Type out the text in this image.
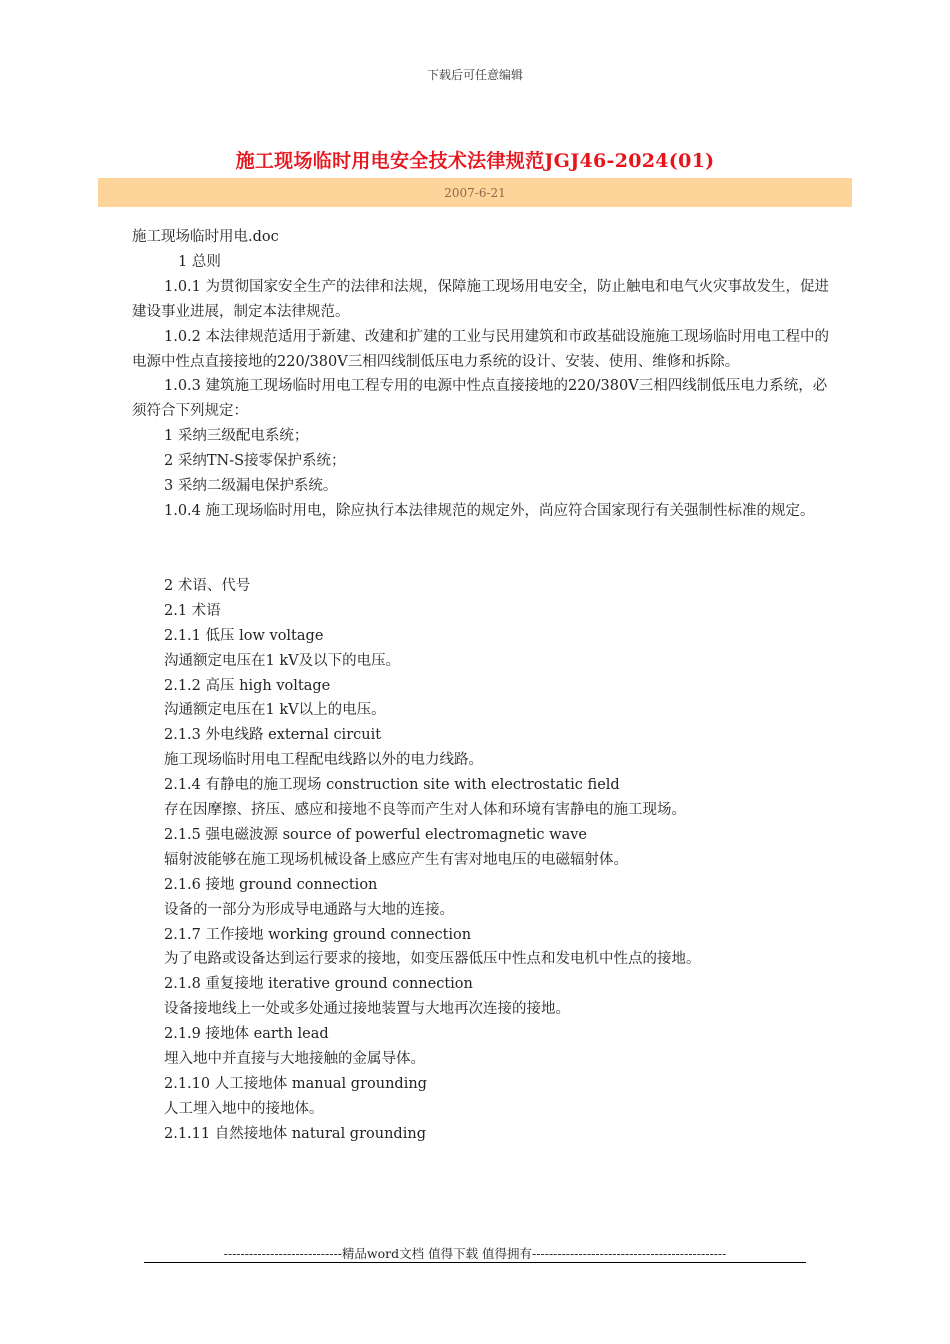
下载后可任意编辑
施工现场临时用电安全技术法律规范JGJ46-2024(01)
2007-6-21

施工现场临时用电.doc

1 总则

1.0.1 为贯彻国家安全生产的法律和法规，保障施工现场用电安全，防止触电和电气火灾事故发生，促进建设事业进展，制定本法律规范。

1.0.2 本法律规范适用于新建、改建和扩建的工业与民用建筑和市政基础设施施工现场临时用电工程中的电源中性点直接接地的220/380V三相四线制低压电力系统的设计、安装、使用、维修和拆除。

1.0.3 建筑施工现场临时用电工程专用的电源中性点直接接地的220/380V三相四线制低压电力系统，必须符合下列规定：

1 采纳三级配电系统；

2 采纳TN-S接零保护系统；

3 采纳二级漏电保护系统。

1.0.4 施工现场临时用电，除应执行本法律规范的规定外，尚应符合国家现行有关强制性标准的规定。

2 术语、代号

2.1 术语

2.1.1 低压 low voltage

沟通额定电压在1 kV及以下的电压。

2.1.2 高压 high voltage

沟通额定电压在1 kV以上的电压。

2.1.3 外电线路 external circuit

施工现场临时用电工程配电线路以外的电力线路。

2.1.4 有静电的施工现场 construction site with electrostatic field

存在因摩擦、挤压、感应和接地不良等而产生对人体和环境有害静电的施工现场。

2.1.5 强电磁波源 source of powerful electromagnetic wave

辐射波能够在施工现场机械设备上感应产生有害对地电压的电磁辐射体。

2.1.6 接地 ground connection

设备的一部分为形成导电通路与大地的连接。

2.1.7 工作接地 working ground connection

为了电路或设备达到运行要求的接地，如变压器低压中性点和发电机中性点的接地。

2.1.8 重复接地 iterative ground connection

设备接地线上一处或多处通过接地装置与大地再次连接的接地。

2.1.9 接地体 earth lead

埋入地中并直接与大地接触的金属导体。

2.1.10 人工接地体 manual grounding

人工埋入地中的接地体。

2.1.11 自然接地体 natural grounding

----------------------------精品word文档 值得下载 值得拥有----------------------------------------------
